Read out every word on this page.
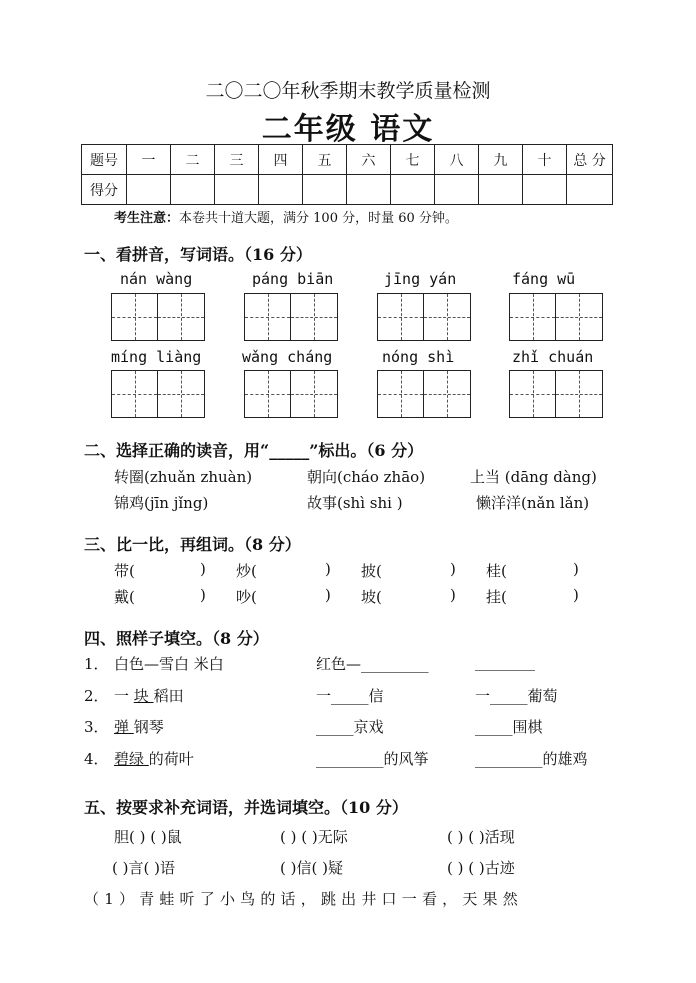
二〇二〇年秋季期末教学质量检测
二年级 语文
题号	一	二	三	四	五	六	七	八	九	十	总 分
得分											
考生注意：本卷共十道大题，满分 100 分，时量 60 分钟。
一、看拼音，写词语。（16 分）
nán wàng	páng biān	jīng yán	fáng wū
míng liàng	wǎng cháng	nóng shì	zhǐ chuán
二、选择正确的读音，用“_____”标出。（6 分）
转圈(zhuǎn zhuàn)	朝向(cháo zhāo)	上当 (dāng dàng)
锦鸡(jīn jǐng)	故事(shì shi )	懒洋洋(nǎn lǎn)
三、比一比，再组词。（8 分）
带(	) 炒(	) 披(	) 桂(	)
戴(	) 吵(	) 坡(	) 挂(	)
四、照样子填空。（8 分）
1． 白色—雪白 米白	红色—_________	________
2． 一 块 稻田	一_____信	一_____葡萄
3． 弹 钢琴	_____京戏	_____围棋
4． 碧绿 的荷叶	_________的风筝	_________的雄鸡
五、按要求补充词语，并选词填空。（10 分）
胆( ) ( )鼠	( ) ( )无际	( ) ( )活现
( )言( )语	( )信( )疑	( ) ( )古迹
（1）青蛙听了小鸟的话，跳出井口一看，天果然
